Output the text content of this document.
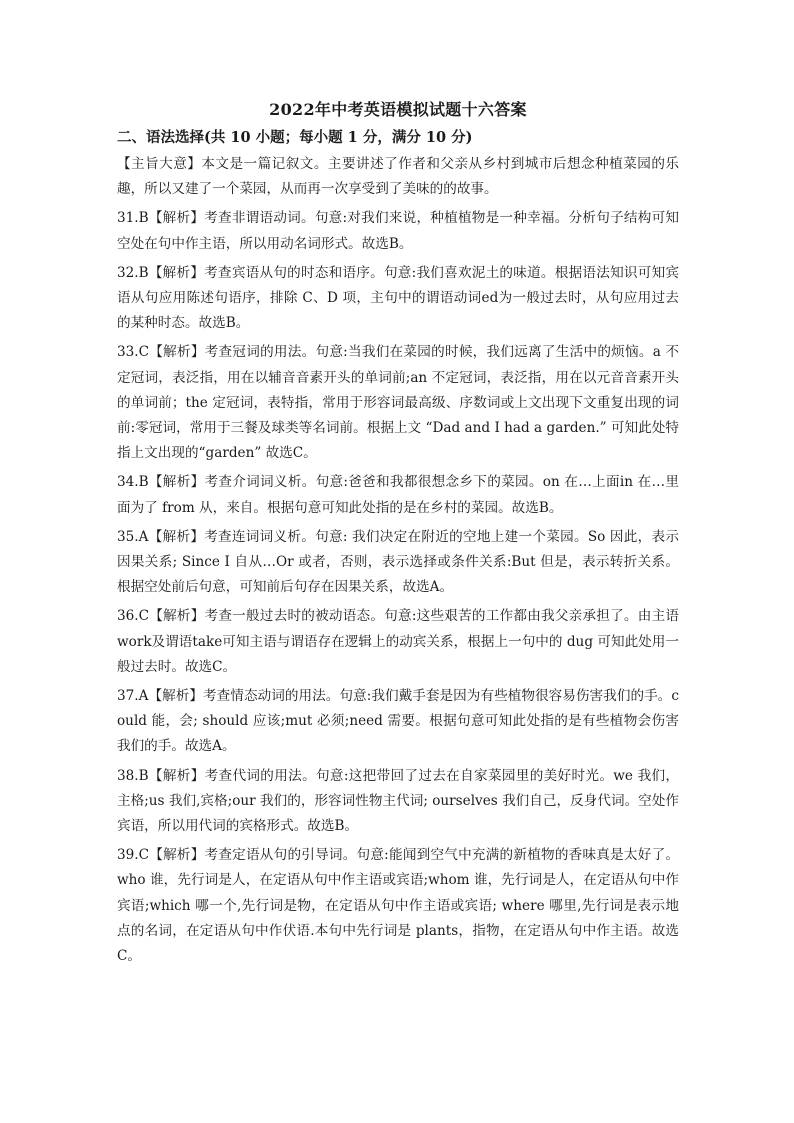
2022年中考英语模拟试题十六答案
二、语法选择(共 10 小题；每小题 1 分，满分 10 分)
【主旨大意】本文是一篇记叙文。主要讲述了作者和父亲从乡村到城市后想念种植菜园的乐趣，所以又建了一个菜园，从而再一次享受到了美味的的故事。
31.B【解析】考查非谓语动词。句意:对我们来说，种植植物是一种幸福。分析句子结构可知空处在句中作主语，所以用动名词形式。故选B。
32.B【解析】考查宾语从句的时态和语序。句意:我们喜欢泥土的味道。根据语法知识可知宾语从句应用陈述句语序，排除 C、D 项，主句中的谓语动词ed为一般过去时，从句应用过去的某种时态。故选B。
33.C【解析】考查冠词的用法。句意:当我们在菜园的时候，我们远离了生活中的烦恼。a 不定冠词，表泛指，用在以辅音音素开头的单词前;an 不定冠词，表泛指，用在以元音音素开头的单词前；the 定冠词，表特指，常用于形容词最高级、序数词或上文出现下文重复出现的词前:零冠词，常用于三餐及球类等名词前。根据上文 “Dad and I had a garden.” 可知此处特指上文出现的“garden” 故选C。
34.B【解析】考查介词词义析。句意:爸爸和我都很想念乡下的菜园。on 在…上面in 在…里面为了 from 从，来自。根据句意可知此处指的是在乡村的菜园。故选B。
35.A【解析】考查连词词义析。句意: 我们决定在附近的空地上建一个菜园。So 因此，表示因果关系; Since I 自从…Or 或者，否则，表示选择或条件关系:But 但是，表示转折关系。根据空处前后句意，可知前后句存在因果关系，故选A。
36.C【解析】考查一般过去时的被动语态。句意:这些艰苦的工作都由我父亲承担了。由主语work及谓语take可知主语与谓语存在逻辑上的动宾关系，根据上一句中的 dug 可知此处用一般过去时。故选C。
37.A【解析】考查情态动词的用法。句意:我们戴手套是因为有些植物很容易伤害我们的手。could 能，会; should 应该;mut 必须;need 需要。根据句意可知此处指的是有些植物会伤害我们的手。故选A。
38.B【解析】考查代词的用法。句意:这把带回了过去在自家菜园里的美好时光。we 我们，主格;us 我们,宾格;our 我们的，形容词性物主代词; ourselves 我们自己，反身代词。空处作宾语，所以用代词的宾格形式。故选B。
39.C【解析】考查定语从句的引导词。句意:能闻到空气中充满的新植物的香味真是太好了。who 谁，先行词是人，在定语从句中作主语或宾语;whom 谁，先行词是人，在定语从句中作宾语;which 哪一个,先行词是物，在定语从句中作主语或宾语; where 哪里,先行词是表示地点的名词，在定语从句中作伏语.本句中先行词是 plants，指物，在定语从句中作主语。故选C。
